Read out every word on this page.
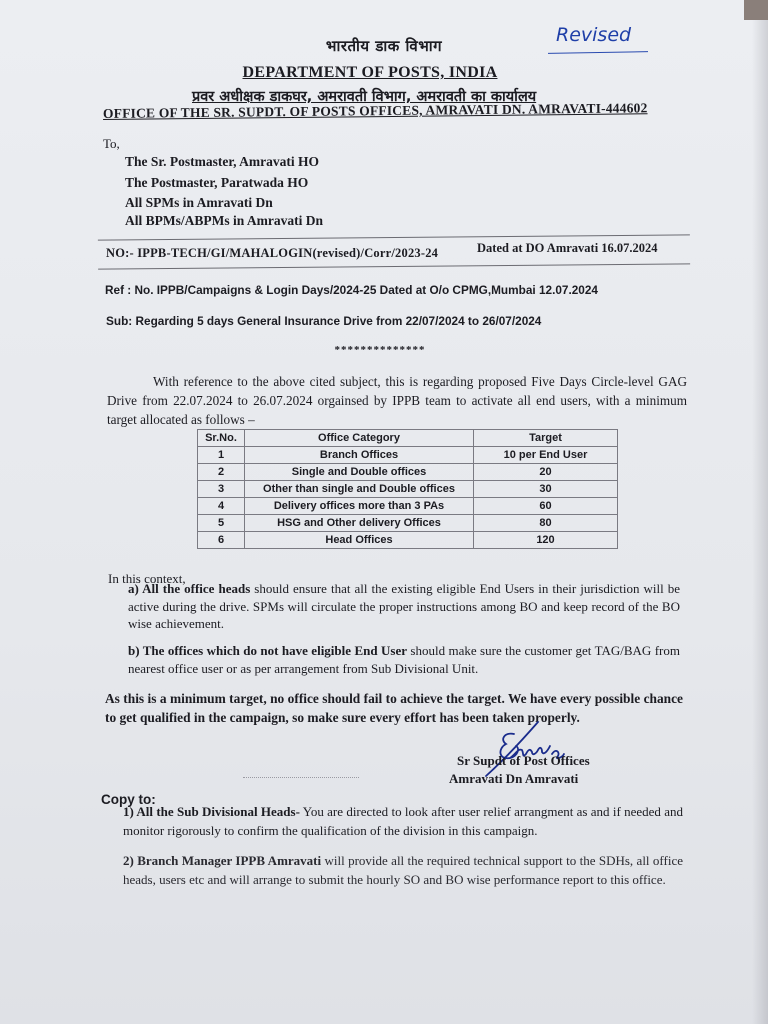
भारतीय डाक विभाग	Revised
DEPARTMENT OF POSTS, INDIA
प्रवर अधीक्षक डाकघर, अमरावती विभाग, अमरावती का कार्यालय
OFFICE OF THE SR. SUPDT. OF POSTS OFFICES, AMRAVATI DN. AMRAVATI-444602
To,
The Sr. Postmaster, Amravati HO
The Postmaster, Paratwada HO
All SPMs in Amravati Dn
All BPMs/ABPMs in Amravati Dn
NO:- IPPB-TECH/GI/MAHALOGIN(revised)/Corr/2023-24	Dated at DO Amravati 16.07.2024
Ref : No. IPPB/Campaigns & Login Days/2024-25 Dated at O/o CPMG,Mumbai 12.07.2024
Sub: Regarding 5 days General Insurance Drive from 22/07/2024 to 26/07/2024
**************
With reference to the above cited subject, this is regarding proposed Five Days Circle-level GAG Drive from 22.07.2024 to 26.07.2024 orgainsed by IPPB team to activate all end users, with a minimum target allocated as follows –
Sr.No.	Office Category	Target
1	Branch Offices	10 per End User
2	Single and Double offices	20
3	Other than single and Double offices	30
4	Delivery offices more than 3 PAs	60
5	HSG and Other delivery Offices	80
6	Head Offices	120
In this context,
a) All the office heads should ensure that all the existing eligible End Users in their jurisdiction will be active during the drive. SPMs will circulate the proper instructions among BO and keep record of the BO wise achievement.
b) The offices which do not have eligible End User should make sure the customer get TAG/BAG from nearest office user or as per arrangement from Sub Divisional Unit.
As this is a minimum target, no office should fail to achieve the target. We have every possible chance to get qualified in the campaign, so make sure every effort has been taken properly.
Sr Supdt of Post Offices
Amravati Dn Amravati
Copy to:
1) All the Sub Divisional Heads- You are directed to look after user relief arrangment as and if needed and monitor rigorously to confirm the qualification of the division in this campaign.
2) Branch Manager IPPB Amravati will provide all the required technical support to the SDHs, all office heads, users etc and will arrange to submit the hourly SO and BO wise performance report to this office.
